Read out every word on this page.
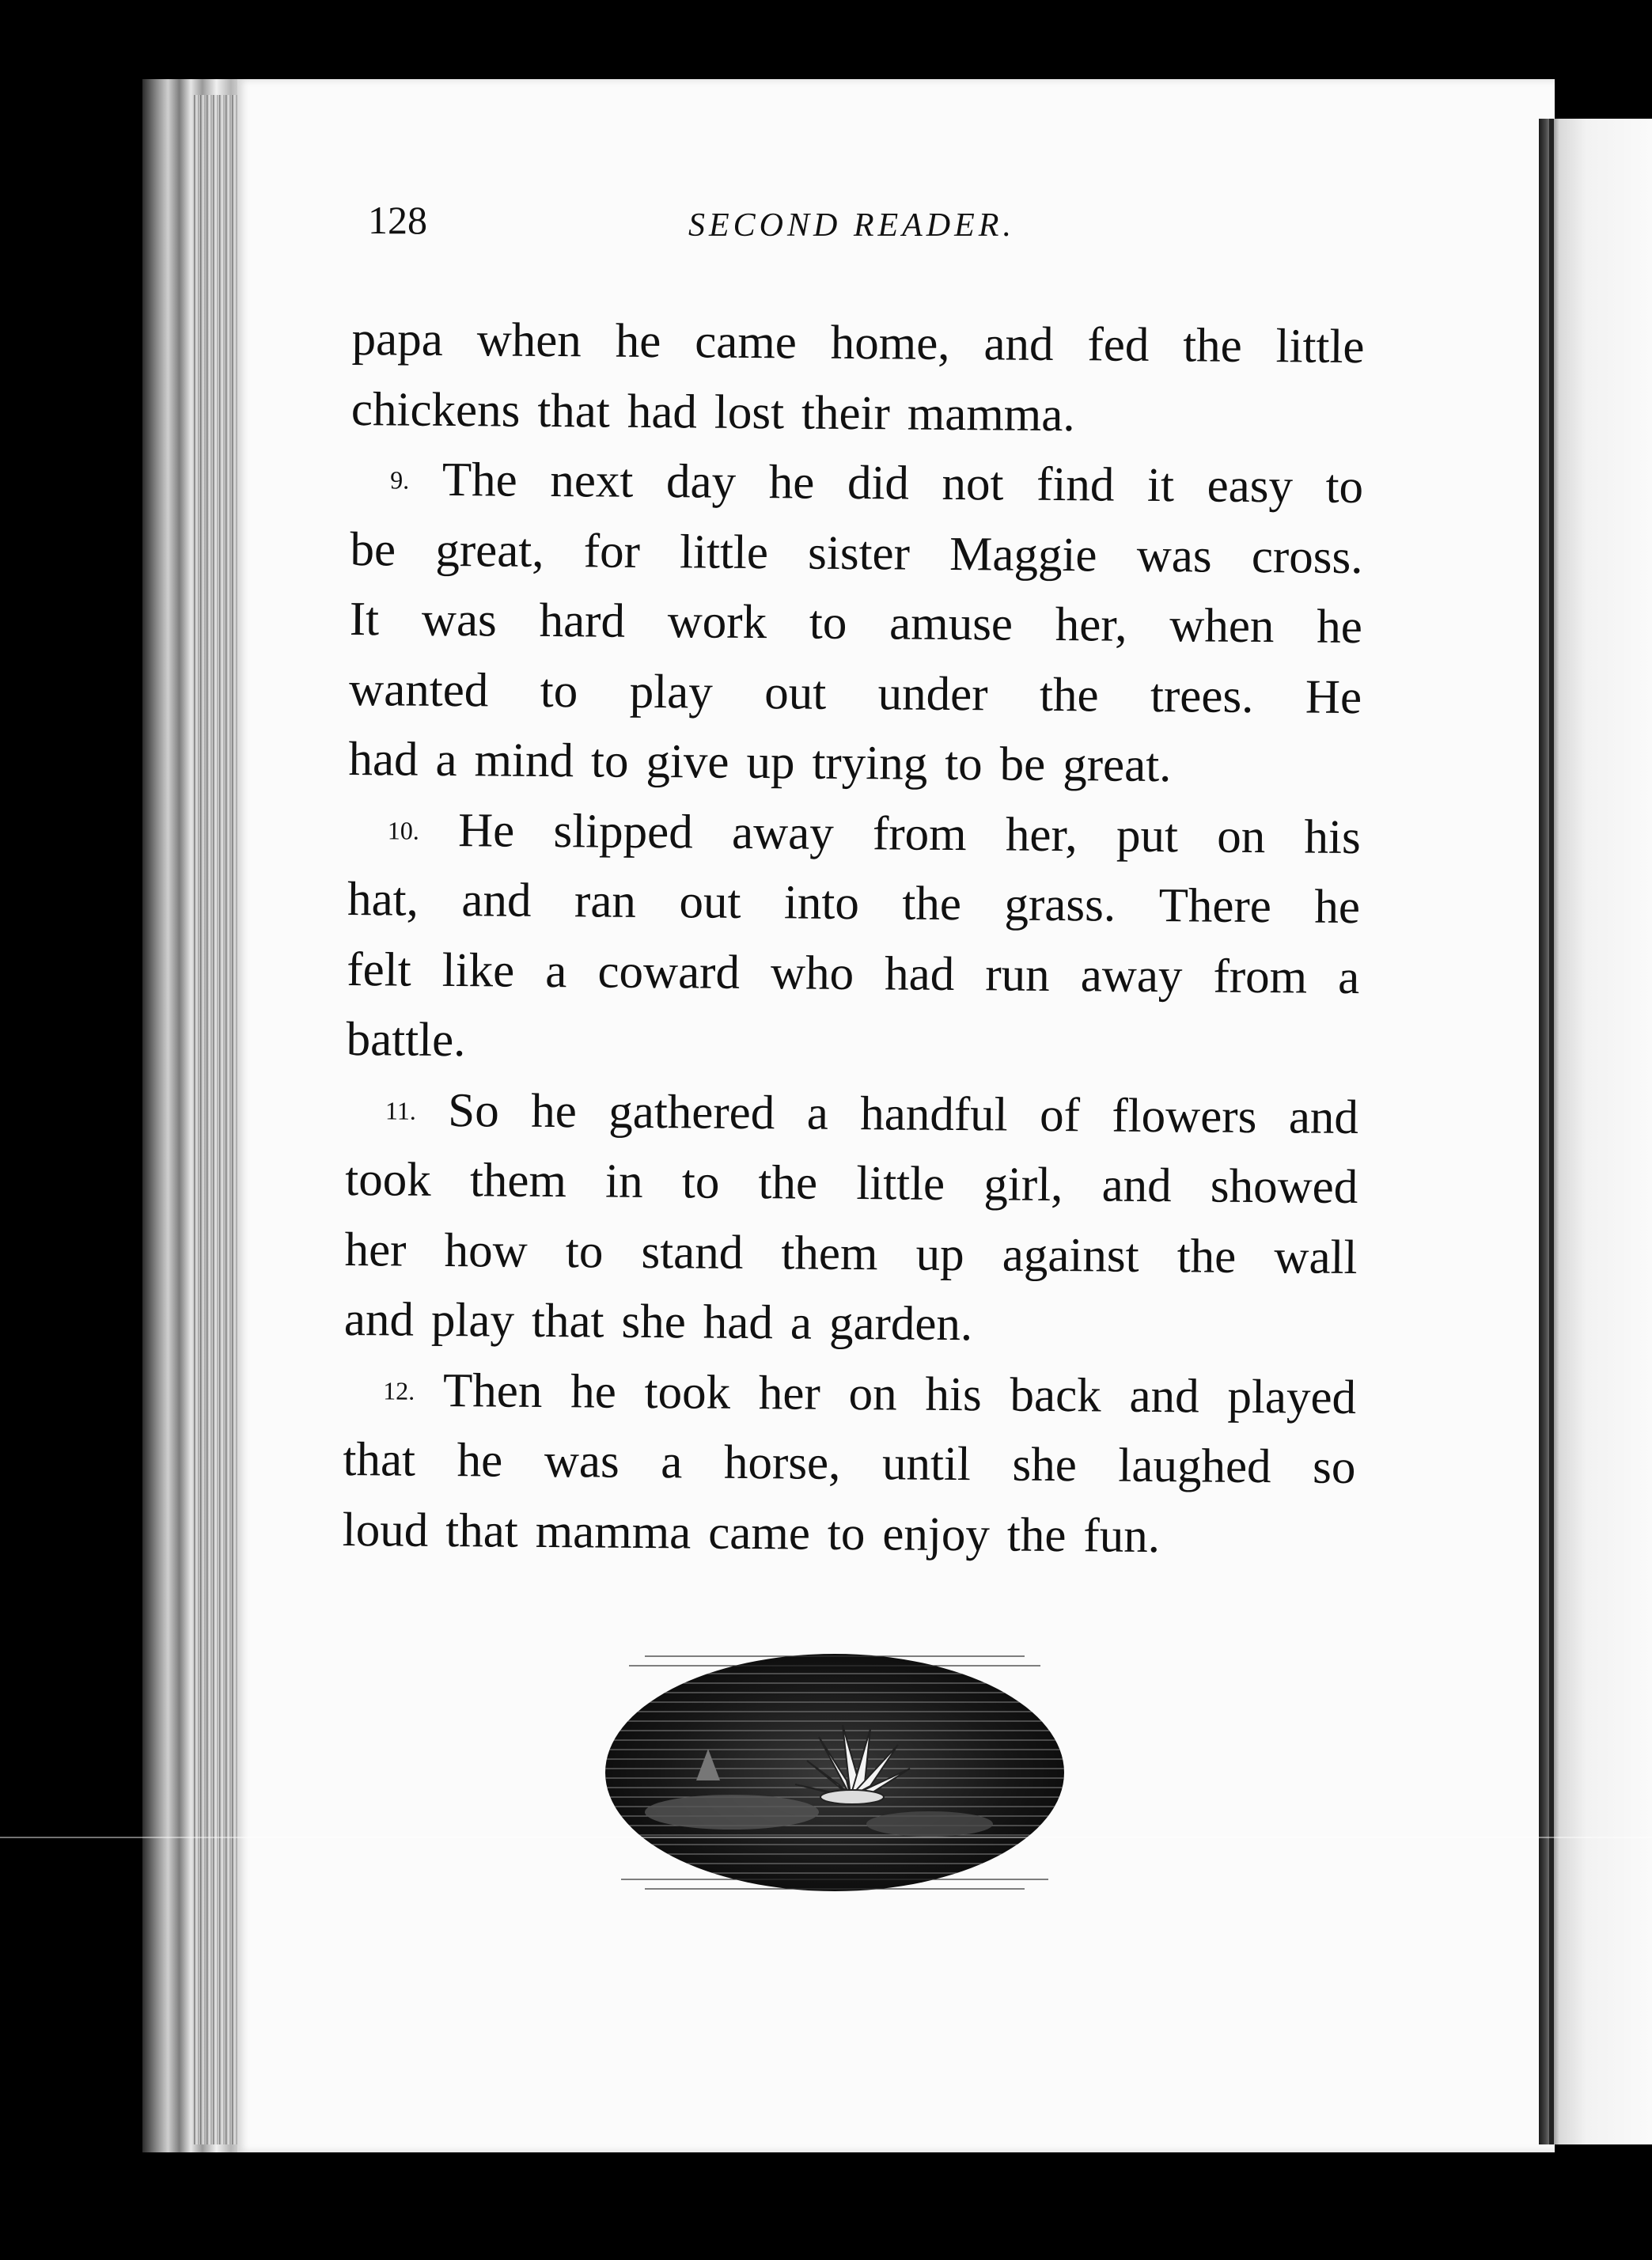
128	SECOND READER.
papa when he came home, and fed the little
chickens that had lost their mamma.
9. The next day he did not find it easy to
be great, for little sister Maggie was cross.
It was hard work to amuse her, when he
wanted to play out under the trees. He
had a mind to give up trying to be great.
10. He slipped away from her, put on his
hat, and ran out into the grass. There he
felt like a coward who had run away from a
battle.
11. So he gathered a handful of flowers and
took them in to the little girl, and showed
her how to stand them up against the wall
and play that she had a garden.
12. Then he took her on his back and played
that he was a horse, until she laughed so
loud that mamma came to enjoy the fun.
